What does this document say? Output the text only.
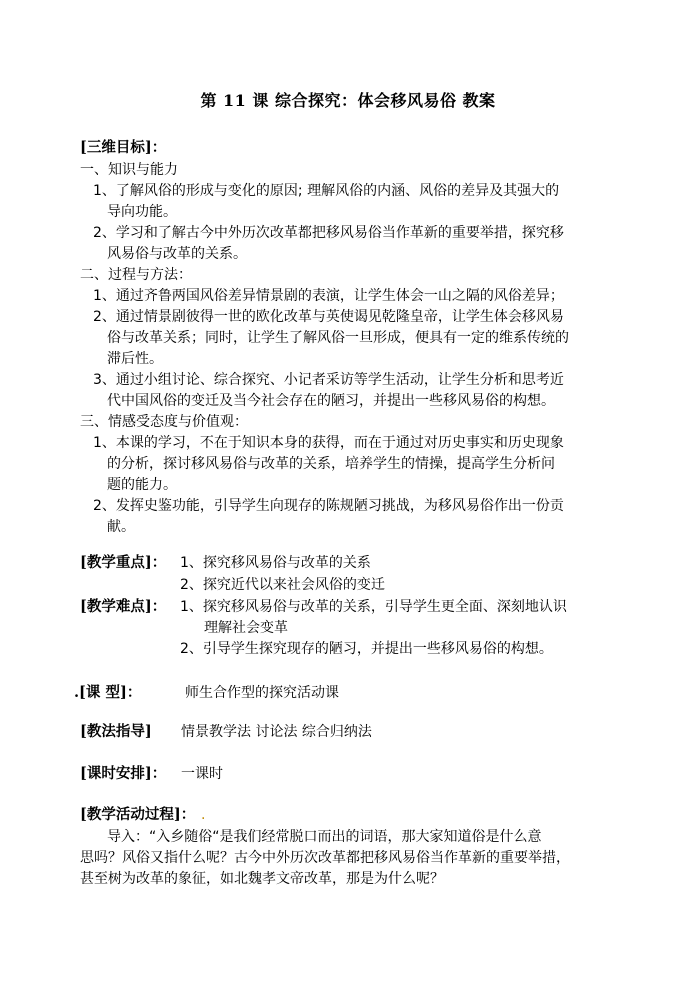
第 11 课 综合探究：体会移风易俗 教案
[三维目标]：
一、知识与能力
1、了解风俗的形成与变化的原因; 理解风俗的内涵、风俗的差异及其强大的
导向功能。
2、学习和了解古今中外历次改革都把移风易俗当作革新的重要举措，探究移
风易俗与改革的关系。
二、过程与方法：
1、通过齐鲁两国风俗差异情景剧的表演，让学生体会一山之隔的风俗差异；
2、通过情景剧彼得一世的欧化改革与英使谒见乾隆皇帝，让学生体会移风易
俗与改革关系；同时，让学生了解风俗一旦形成，便具有一定的维系传统的
滞后性。
3、通过小组讨论、综合探究、小记者采访等学生活动，让学生分析和思考近
代中国风俗的变迁及当今社会存在的陋习，并提出一些移风易俗的构想。
三、情感受态度与价值观：
1、本课的学习，不在于知识本身的获得，而在于通过对历史事实和历史现象
的分析，探讨移风易俗与改革的关系，培养学生的情操，提高学生分析问
题的能力。
2、发挥史鉴功能，引导学生向现存的陈规陋习挑战，为移风易俗作出一份贡
献。
[教学重点]： 1、探究移风易俗与改革的关系
2、探究近代以来社会风俗的变迁
[教学难点]： 1、探究移风易俗与改革的关系，引导学生更全面、深刻地认识
理解社会变革
2、引导学生探究现存的陋习，并提出一些移风易俗的构想。
.[课 型]：	师生合作型的探究活动课
[教法指导] 情景教学法 讨论法 综合归纳法
[课时安排]： 一课时
[教学活动过程]： .
导入：“入乡随俗“是我们经常脱口而出的词语，那大家知道俗是什么意
思吗？风俗又指什么呢？古今中外历次改革都把移风易俗当作革新的重要举措，
甚至树为改革的象征，如北魏孝文帝改革，那是为什么呢？
